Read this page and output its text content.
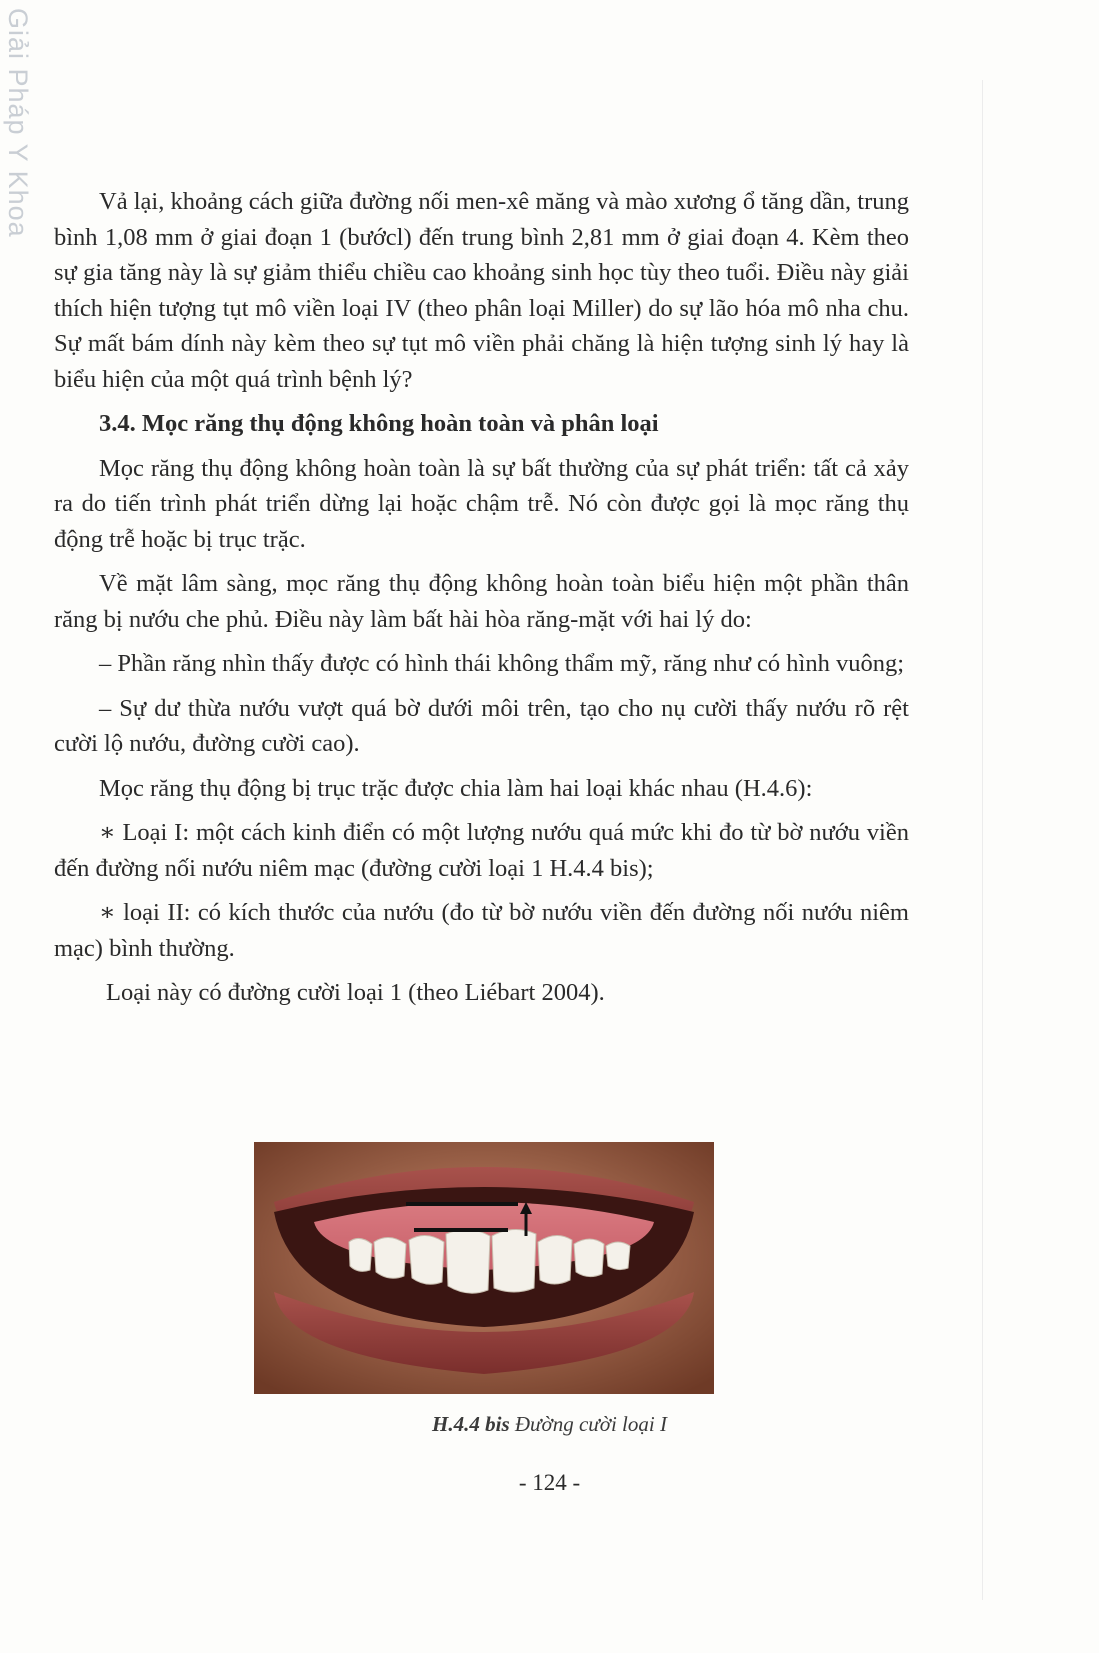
Giải Pháp Y Khoa	Vả lại, khoảng cách giữa đường nối men-xê măng và mào xương ổ tăng dần, trung bình 1,08 mm ở giai đoạn 1 (bướcl) đến trung bình 2,81 mm ở giai đoạn 4. Kèm theo sự gia tăng này là sự giảm thiểu chiều cao khoảng sinh học tùy theo tuổi. Điều này giải thích hiện tượng tụt mô viền loại IV (theo phân loại Miller) do sự lão hóa mô nha chu. Sự mất bám dính này kèm theo sự tụt mô viền phải chăng là hiện tượng sinh lý hay là biểu hiện của một quá trình bệnh lý?

3.4. Mọc răng thụ động không hoàn toàn và phân loại

Mọc răng thụ động không hoàn toàn là sự bất thường của sự phát triển: tất cả xảy ra do tiến trình phát triển dừng lại hoặc chậm trễ. Nó còn được gọi là mọc răng thụ động trễ hoặc bị trục trặc.

Về mặt lâm sàng, mọc răng thụ động không hoàn toàn biểu hiện một phần thân răng bị nướu che phủ. Điều này làm bất hài hòa răng-mặt với hai lý do:

– Phần răng nhìn thấy được có hình thái không thẩm mỹ, răng như có hình vuông;

– Sự dư thừa nướu vượt quá bờ dưới môi trên, tạo cho nụ cười thấy nướu rõ rệt cười lộ nướu, đường cười cao).

Mọc răng thụ động bị trục trặc được chia làm hai loại khác nhau (H.4.6):

∗ Loại I: một cách kinh điển có một lượng nướu quá mức khi đo từ bờ nướu viền đến đường nối nướu niêm mạc (đường cười loại 1 H.4.4 bis);

∗ loại II: có kích thước của nướu (đo từ bờ nướu viền đến đường nối nướu niêm mạc) bình thường.

Loại này có đường cười loại 1 (theo Liébart 2004).

H.4.4 bis Đường cười loại I
- 124 -
